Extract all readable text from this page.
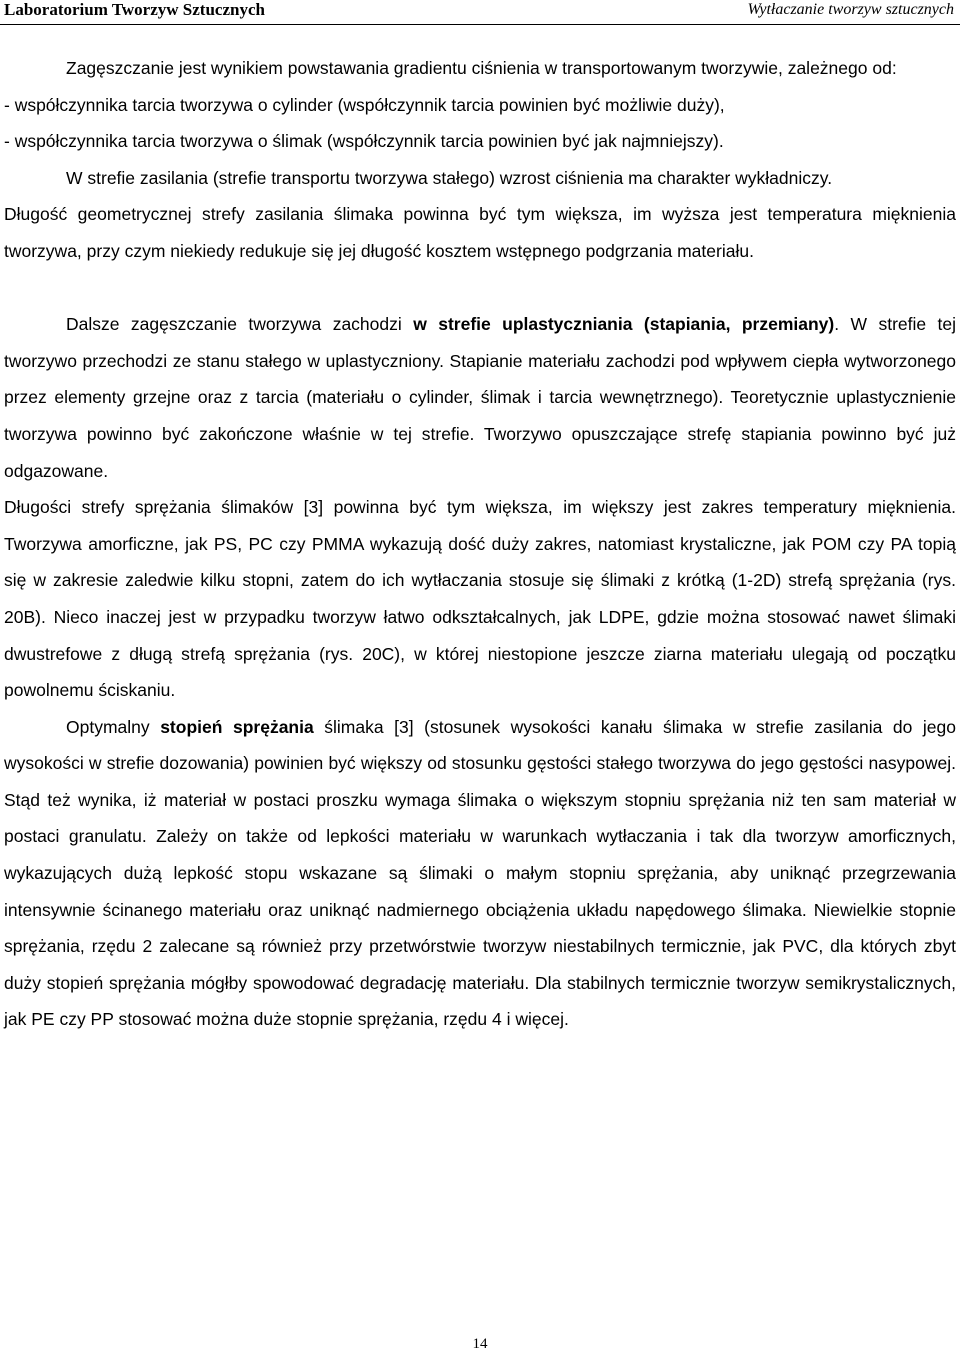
Laboratorium Tworzyw Sztucznych	Wytłaczanie tworzyw sztucznych

Zagęszczanie jest wynikiem powstawania gradientu ciśnienia w transportowanym tworzywie, zależnego od:

- współczynnika tarcia tworzywa o cylinder (współczynnik tarcia powinien być możliwie duży),

- współczynnika tarcia tworzywa o ślimak (współczynnik tarcia powinien być jak najmniejszy).

W strefie zasilania (strefie transportu tworzywa stałego) wzrost ciśnienia ma charakter wykładniczy.

Długość geometrycznej strefy zasilania ślimaka powinna być tym większa, im wyższa jest temperatura mięknienia tworzywa, przy czym niekiedy redukuje się jej długość kosztem wstępnego podgrzania materiału.

Dalsze zagęszczanie tworzywa zachodzi w strefie uplastyczniania (stapiania, przemiany). W strefie tej tworzywo przechodzi ze stanu stałego w uplastyczniony. Stapianie materiału zachodzi pod wpływem ciepła wytworzonego przez elementy grzejne oraz z tarcia (materiału o cylinder, ślimak i tarcia wewnętrznego). Teoretycznie uplastycznienie tworzywa powinno być zakończone właśnie w tej strefie. Tworzywo opuszczające strefę stapiania powinno być już odgazowane.

Długości strefy sprężania ślimaków [3] powinna być tym większa, im większy jest zakres temperatury mięknienia. Tworzywa amorficzne, jak PS, PC czy PMMA wykazują dość duży zakres, natomiast krystaliczne, jak POM czy PA topią się w zakresie zaledwie kilku stopni, zatem do ich wytłaczania stosuje się ślimaki z krótką (1-2D) strefą sprężania (rys. 20B). Nieco inaczej jest w przypadku tworzyw łatwo odkształcalnych, jak LDPE, gdzie można stosować nawet ślimaki dwustrefowe z długą strefą sprężania (rys. 20C), w której niestopione jeszcze ziarna materiału ulegają od początku powolnemu ściskaniu.

Optymalny stopień sprężania ślimaka [3] (stosunek wysokości kanału ślimaka w strefie zasilania do jego wysokości w strefie dozowania) powinien być większy od stosunku gęstości stałego tworzywa do jego gęstości nasypowej. Stąd też wynika, iż materiał w postaci proszku wymaga ślimaka o większym stopniu sprężania niż ten sam materiał w postaci granulatu. Zależy on także od lepkości materiału w warunkach wytłaczania i tak dla tworzyw amorficznych, wykazujących dużą lepkość stopu wskazane są ślimaki o małym stopniu sprężania, aby uniknąć przegrzewania intensywnie ścinanego materiału oraz uniknąć nadmiernego obciążenia układu napędowego ślimaka. Niewielkie stopnie sprężania, rzędu 2 zalecane są również przy przetwórstwie tworzyw niestabilnych termicznie, jak PVC, dla których zbyt duży stopień sprężania mógłby spowodować degradację materiału. Dla stabilnych termicznie tworzyw semikrystalicznych, jak PE czy PP stosować można duże stopnie sprężania, rzędu 4 i więcej.

14
